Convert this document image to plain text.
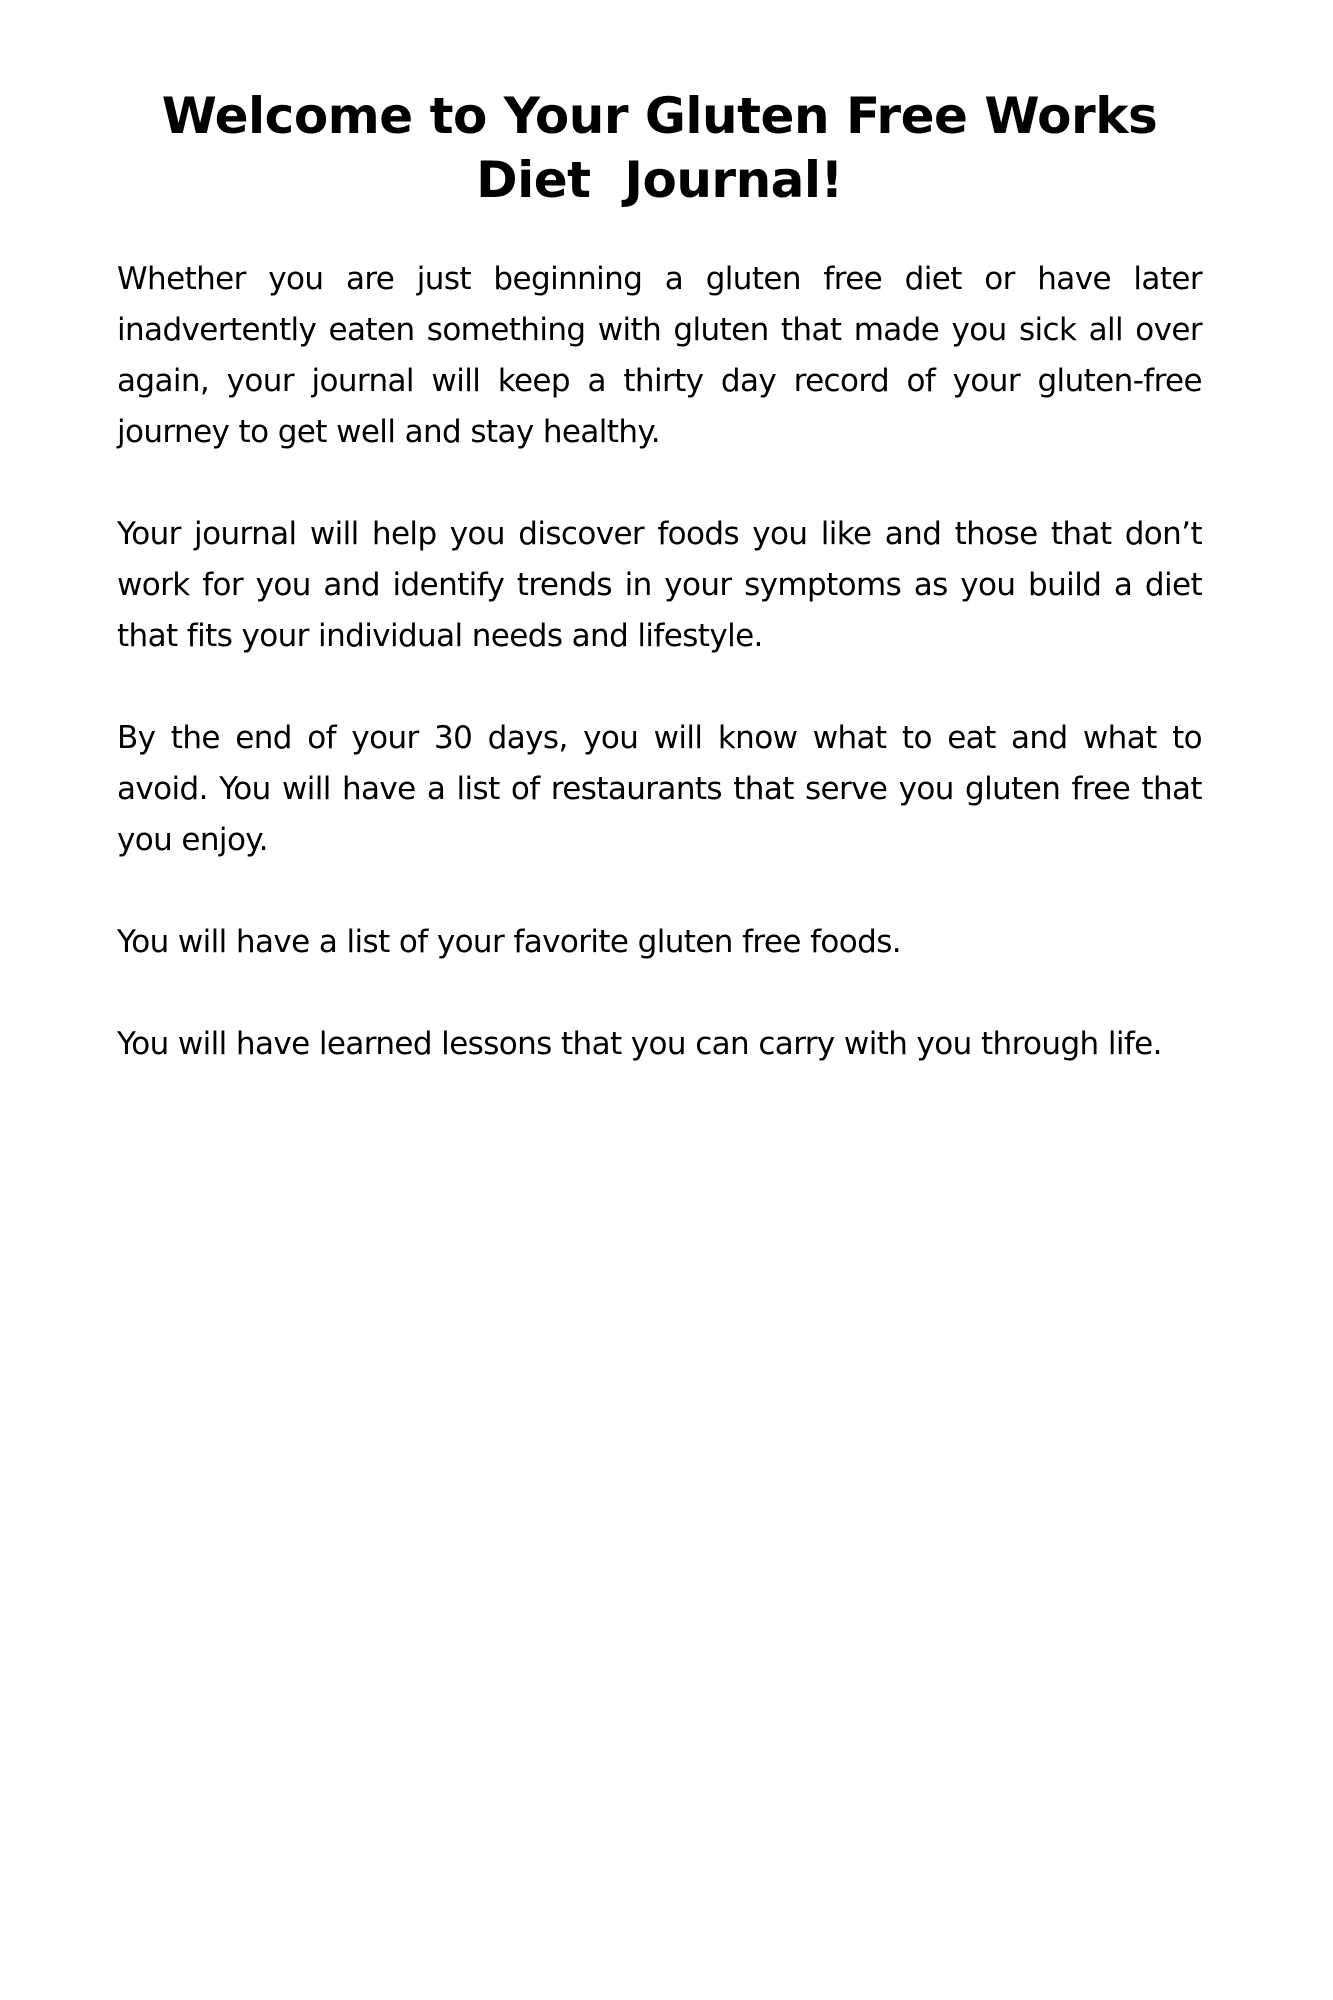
Welcome to Your Gluten Free Works
Diet  Journal!

Whether you are just beginning a gluten free diet or have later inadvertently eaten something with gluten that made you sick all over again, your journal will keep a thirty day record of your gluten-free journey to get well and stay healthy.

Your journal will help you discover foods you like and those that don’t work for you and identify trends in your symptoms as you build a diet that fits your individual needs and lifestyle.

By the end of your 30 days, you will know what to eat and what to avoid. You will have a list of restaurants that serve you gluten free that you enjoy.

You will have a list of your favorite gluten free foods.

You will have learned lessons that you can carry with you through life.
